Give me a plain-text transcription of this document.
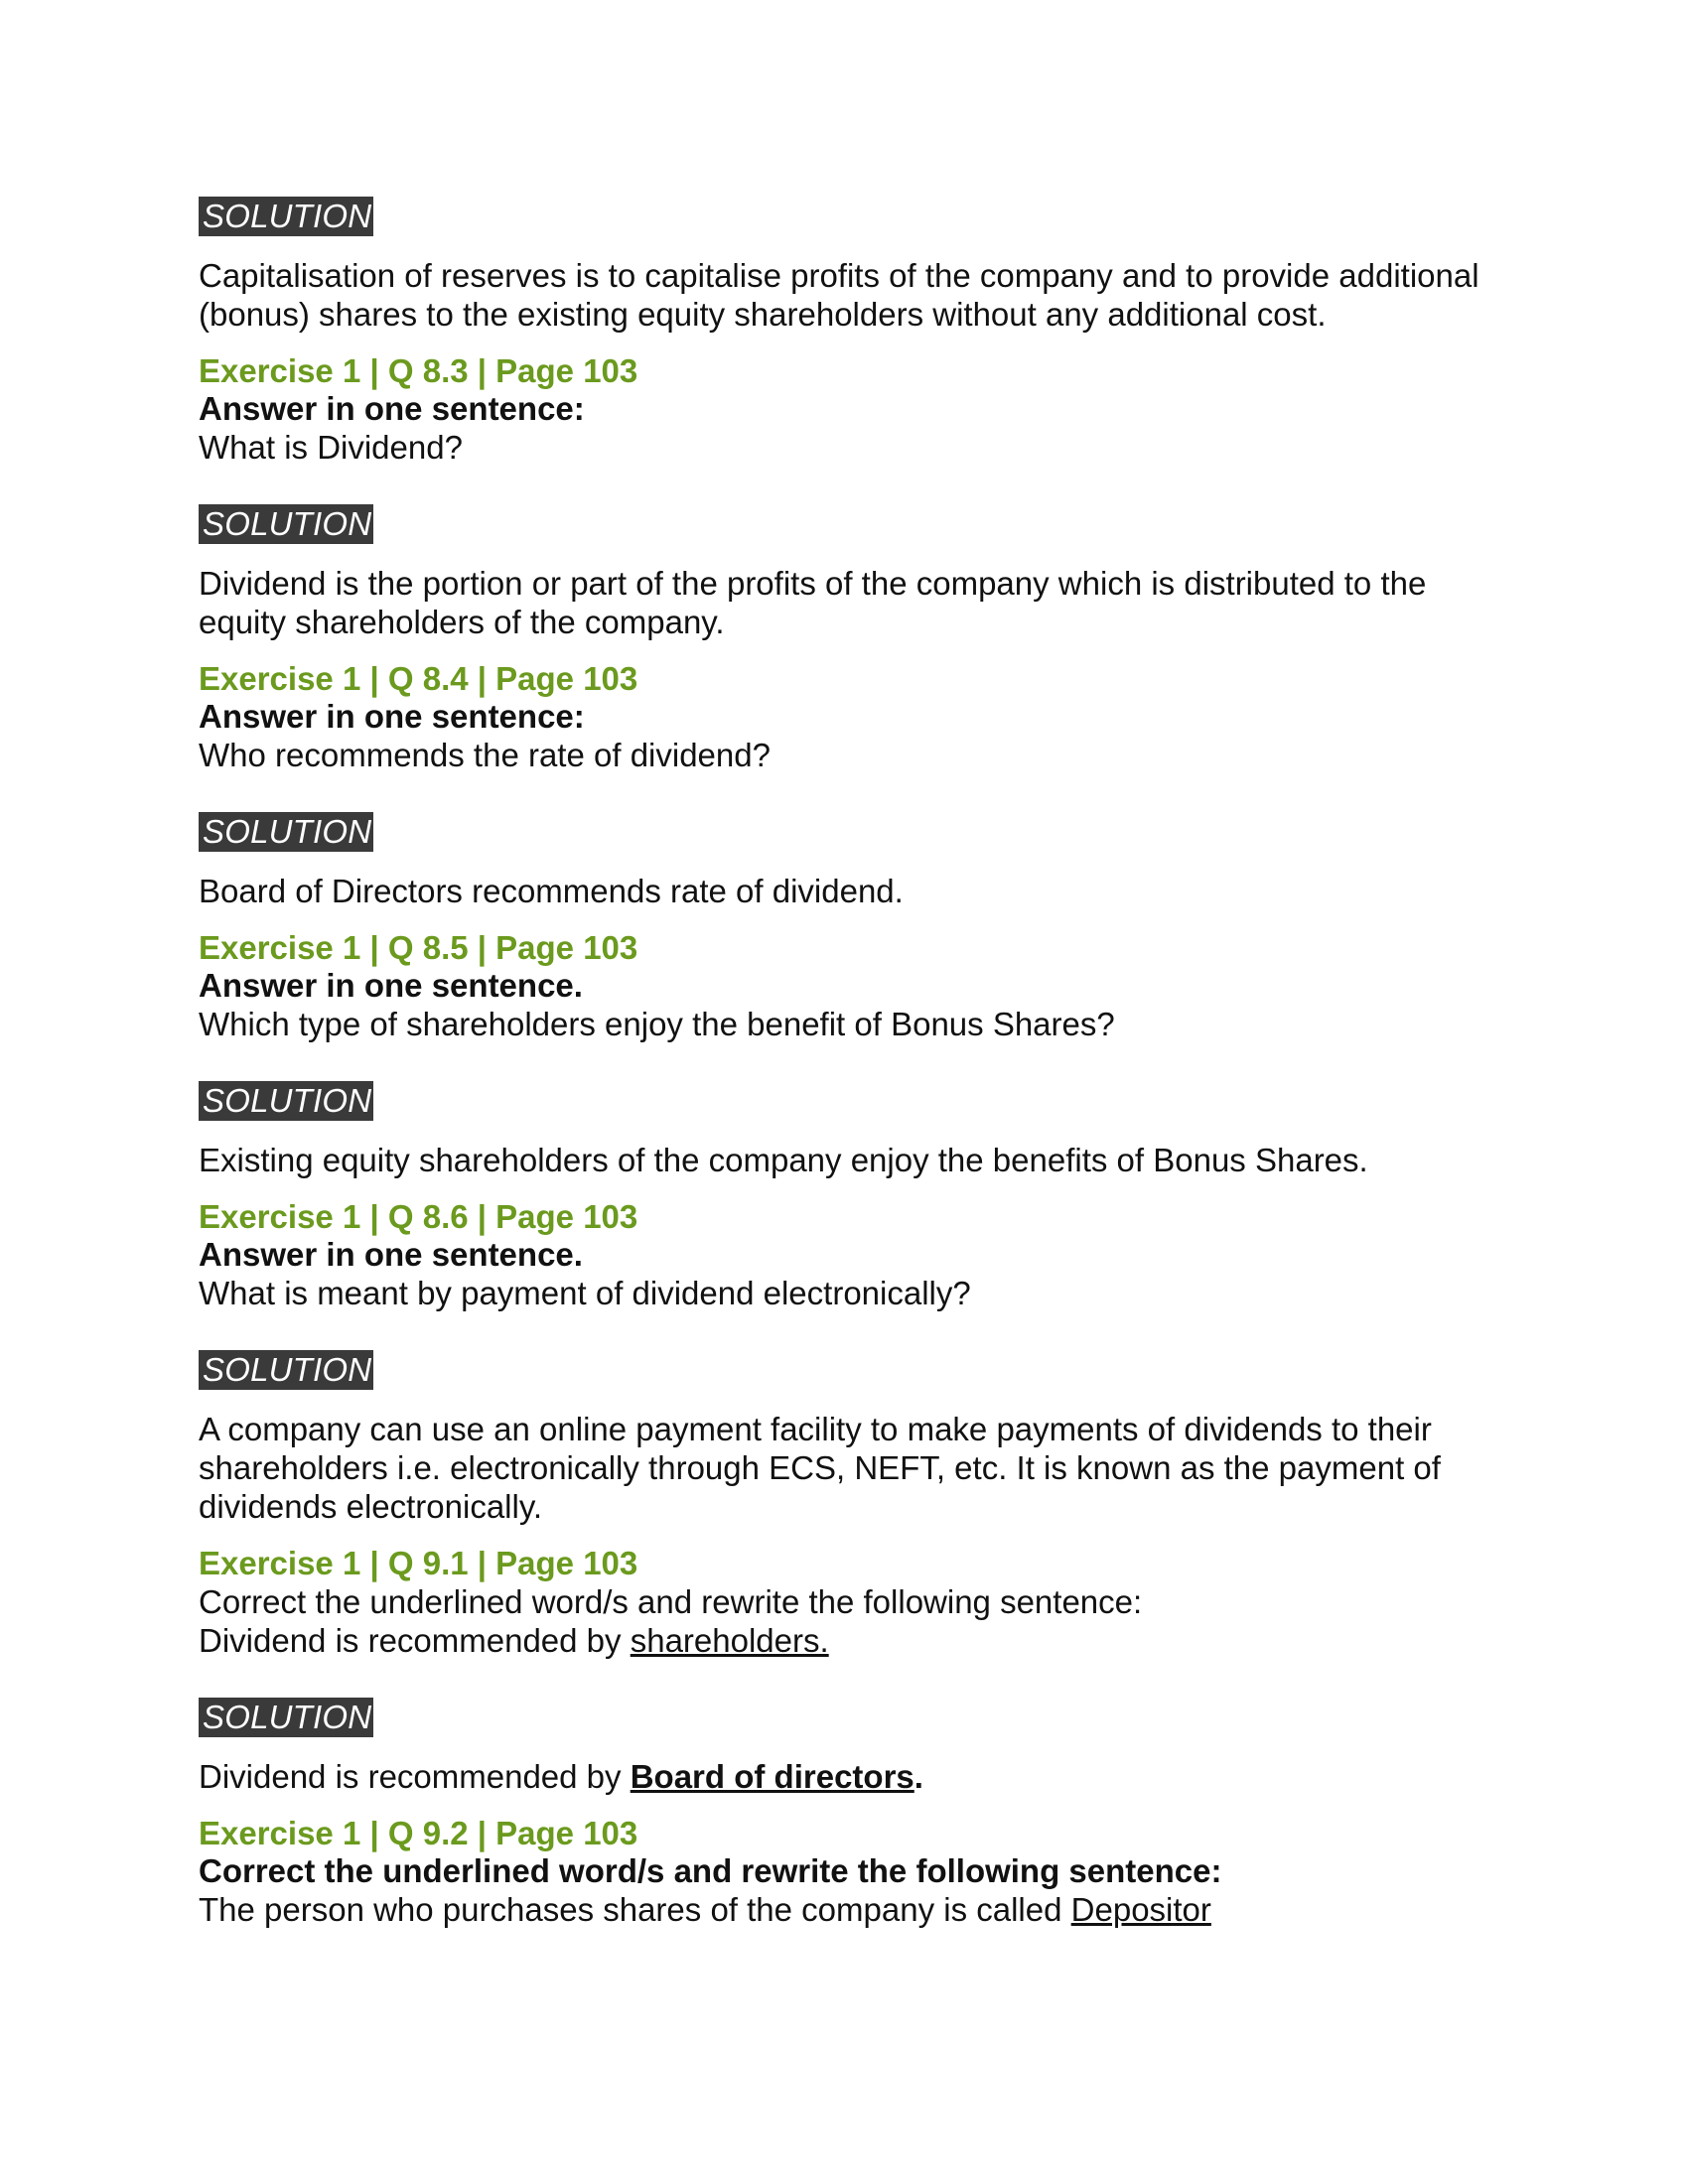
SOLUTION

Capitalisation of reserves is to capitalise profits of the company and to provide additional (bonus) shares to the existing equity shareholders without any additional cost.

Exercise 1 | Q 8.3 | Page 103

Answer in one sentence:

What is Dividend?

SOLUTION

Dividend is the portion or part of the profits of the company which is distributed to the equity shareholders of the company.

Exercise 1 | Q 8.4 | Page 103

Answer in one sentence:

Who recommends the rate of dividend?

SOLUTION

Board of Directors recommends rate of dividend.

Exercise 1 | Q 8.5 | Page 103

Answer in one sentence.

Which type of shareholders enjoy the benefit of Bonus Shares?

SOLUTION

Existing equity shareholders of the company enjoy the benefits of Bonus Shares.

Exercise 1 | Q 8.6 | Page 103

Answer in one sentence.

What is meant by payment of dividend electronically?

SOLUTION

A company can use an online payment facility to make payments of dividends to their shareholders i.e. electronically through ECS, NEFT, etc. It is known as the payment of dividends electronically.

Exercise 1 | Q 9.1 | Page 103

Correct the underlined word/s and rewrite the following sentence:

Dividend is recommended by shareholders.

SOLUTION

Dividend is recommended by Board of directors.

Exercise 1 | Q 9.2 | Page 103

Correct the underlined word/s and rewrite the following sentence:

The person who purchases shares of the company is called Depositor
